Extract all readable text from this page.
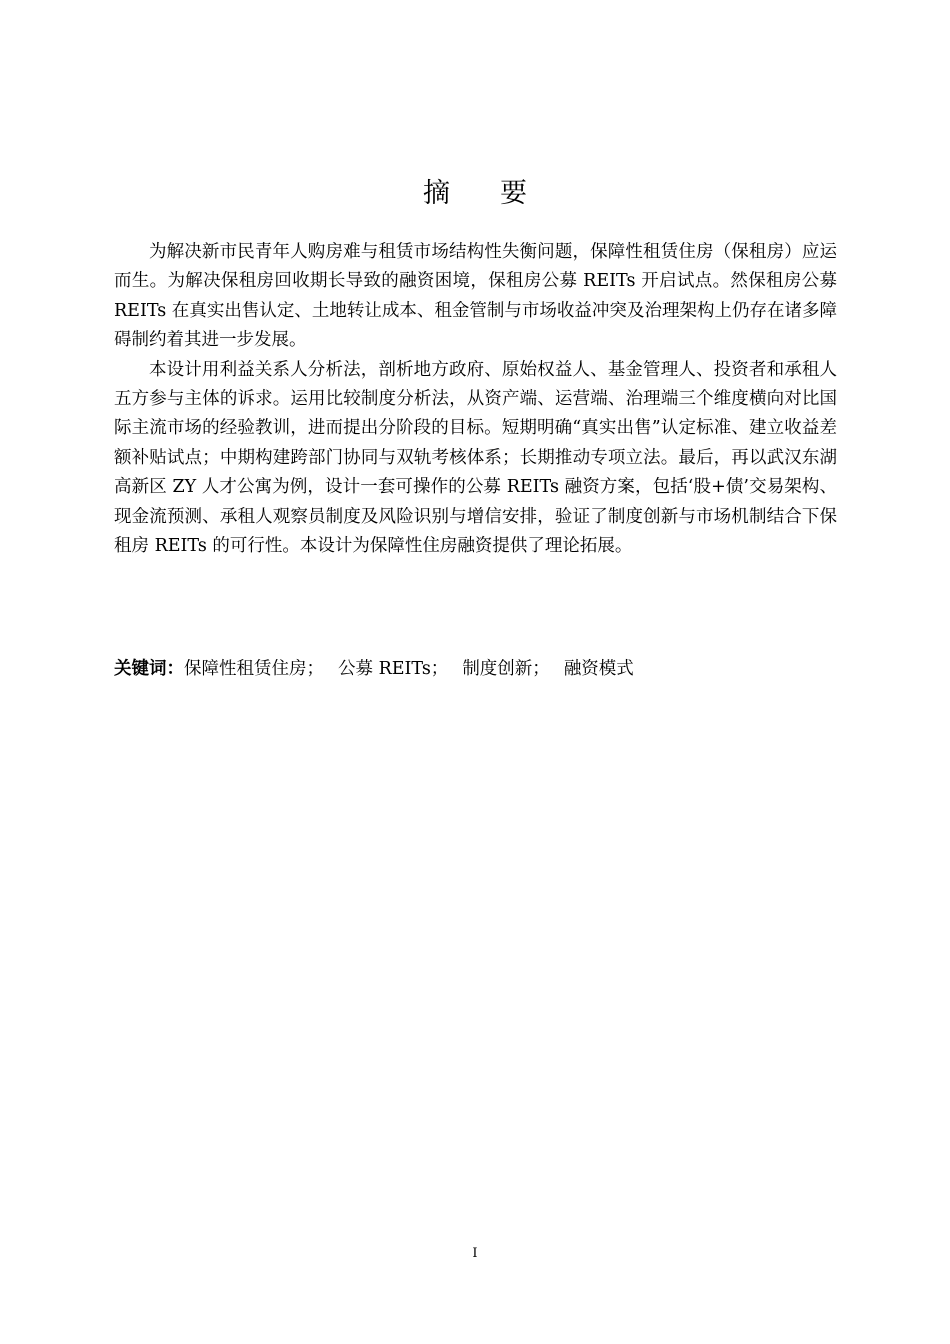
摘 要

为解决新市民青年人购房难与租赁市场结构性失衡问题，保障性租赁住房（保租房）应运而生。为解决保租房回收期长导致的融资困境，保租房公募 REITs 开启试点。然保租房公募 REITs 在真实出售认定、土地转让成本、租金管制与市场收益冲突及治理架构上仍存在诸多障碍制约着其进一步发展。

本设计用利益关系人分析法，剖析地方政府、原始权益人、基金管理人、投资者和承租人五方参与主体的诉求。运用比较制度分析法，从资产端、运营端、治理端三个维度横向对比国际主流市场的经验教训，进而提出分阶段的目标。短期明确“真实出售”认定标准、建立收益差额补贴试点；中期构建跨部门协同与双轨考核体系；长期推动专项立法。最后，再以武汉东湖高新区 ZY 人才公寓为例，设计一套可操作的公募 REITs 融资方案，包括‘股+债’交易架构、现金流预测、承租人观察员制度及风险识别与增信安排，验证了制度创新与市场机制结合下保租房 REITs 的可行性。本设计为保障性住房融资提供了理论拓展。

关键词：保障性租赁住房； 公募 REITs； 制度创新； 融资模式
I
